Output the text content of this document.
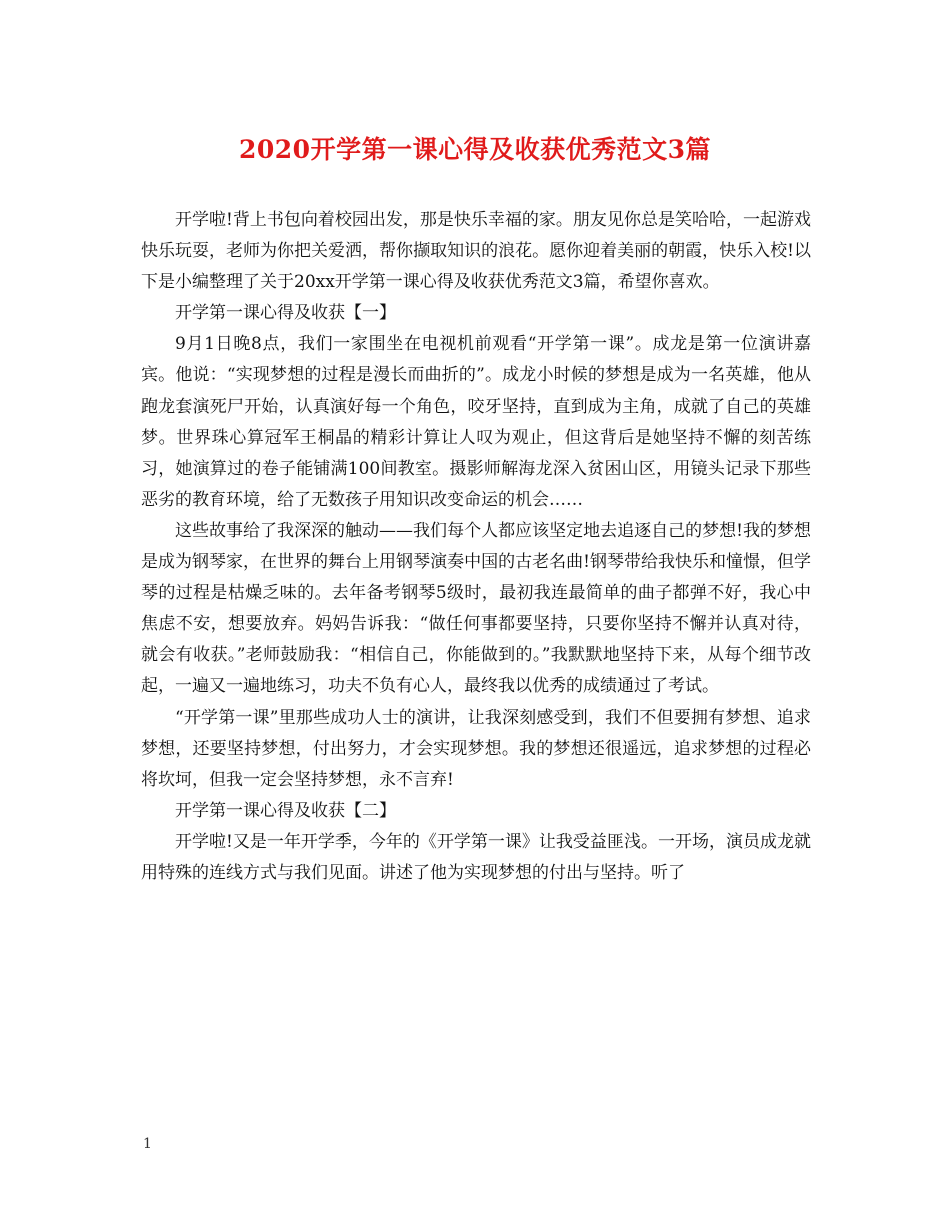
2020开学第一课心得及收获优秀范文3篇

开学啦!背上书包向着校园出发，那是快乐幸福的家。朋友见你总是笑哈哈，一起游戏快乐玩耍，老师为你把关爱洒，帮你撷取知识的浪花。愿你迎着美丽的朝霞，快乐入校!以下是小编整理了关于20xx开学第一课心得及收获优秀范文3篇，希望你喜欢。

开学第一课心得及收获【一】

9月1日晚8点，我们一家围坐在电视机前观看“开学第一课”。成龙是第一位演讲嘉宾。他说：“实现梦想的过程是漫长而曲折的”。成龙小时候的梦想是成为一名英雄，他从跑龙套演死尸开始，认真演好每一个角色，咬牙坚持，直到成为主角，成就了自己的英雄梦。世界珠心算冠军王桐晶的精彩计算让人叹为观止，但这背后是她坚持不懈的刻苦练习，她演算过的卷子能铺满100间教室。摄影师解海龙深入贫困山区，用镜头记录下那些恶劣的教育环境，给了无数孩子用知识改变命运的机会……

这些故事给了我深深的触动——我们每个人都应该坚定地去追逐自己的梦想!我的梦想是成为钢琴家，在世界的舞台上用钢琴演奏中国的古老名曲!钢琴带给我快乐和憧憬，但学琴的过程是枯燥乏味的。去年备考钢琴5级时，最初我连最简单的曲子都弹不好，我心中焦虑不安，想要放弃。妈妈告诉我：“做任何事都要坚持，只要你坚持不懈并认真对待，就会有收获。”老师鼓励我：“相信自己，你能做到的。”我默默地坚持下来，从每个细节改起，一遍又一遍地练习，功夫不负有心人，最终我以优秀的成绩通过了考试。

“开学第一课”里那些成功人士的演讲，让我深刻感受到，我们不但要拥有梦想、追求梦想，还要坚持梦想，付出努力，才会实现梦想。我的梦想还很遥远，追求梦想的过程必将坎坷，但我一定会坚持梦想，永不言弃!

开学第一课心得及收获【二】

开学啦!又是一年开学季，今年的《开学第一课》让我受益匪浅。一开场，演员成龙就用特殊的连线方式与我们见面。讲述了他为实现梦想的付出与坚持。听了

1
